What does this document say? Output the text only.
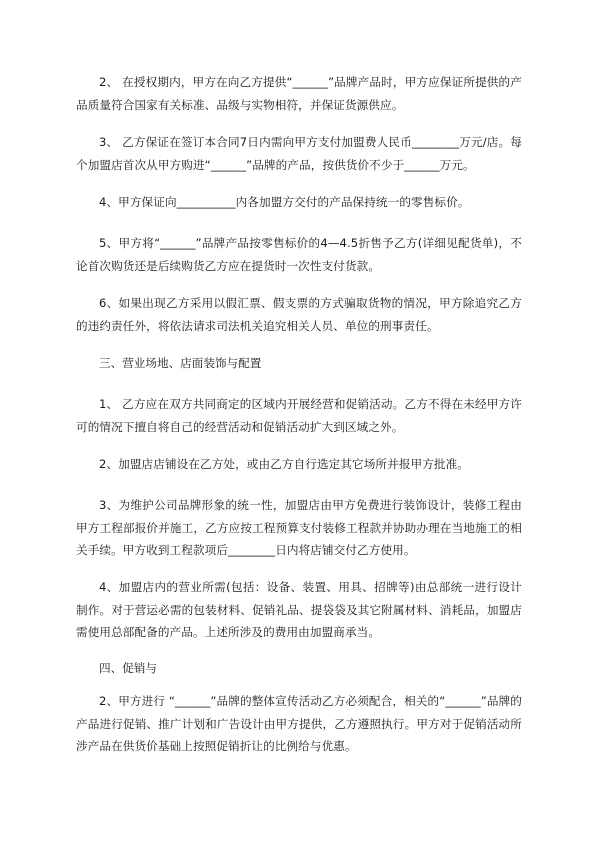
2、 在授权期内，甲方在向乙方提供“______”品牌产品时，甲方应保证所提供的产品质量符合国家有关标准、品级与实物相符，并保证货源供应。

3、 乙方保证在签订本合同7日内需向甲方支付加盟费人民币________万元/店。每个加盟店首次从甲方购进“______”品牌的产品，按供货价不少于______万元。

4、甲方保证向__________内各加盟方交付的产品保持统一的零售标价。

5、甲方将“______”品牌产品按零售标价的4—4.5折售予乙方(详细见配货单)，不论首次购货还是后续购货乙方应在提货时一次性支付货款。

6、如果出现乙方采用以假汇票、假支票的方式骗取货物的情况，甲方除追究乙方的违约责任外，将依法请求司法机关追究相关人员、单位的刑事责任。

三、营业场地、店面装饰与配置

1、 乙方应在双方共同商定的区域内开展经营和促销活动。乙方不得在未经甲方许可的情况下擅自将自己的经营活动和促销活动扩大到区域之外。

2、加盟店店铺设在乙方处，或由乙方自行选定其它场所并报甲方批准。

3、为维护公司品牌形象的统一性，加盟店由甲方免费进行装饰设计，装修工程由甲方工程部报价并施工，乙方应按工程预算支付装修工程款并协助办理在当地施工的相关手续。甲方收到工程款项后________日内将店铺交付乙方使用。

4、加盟店内的营业所需(包括：设备、装置、用具、招牌等)由总部统一进行设计制作。对于营运必需的包装材料、促销礼品、提袋袋及其它附属材料、消耗品，加盟店需使用总部配备的产品。上述所涉及的费用由加盟商承当。

四、促销与

2、甲方进行 “______”品牌的整体宣传活动乙方必须配合，相关的“______”品牌的产品进行促销、推广计划和广告设计由甲方提供，乙方遵照执行。甲方对于促销活动所涉产品在供货价基础上按照促销折让的比例给与优惠。
